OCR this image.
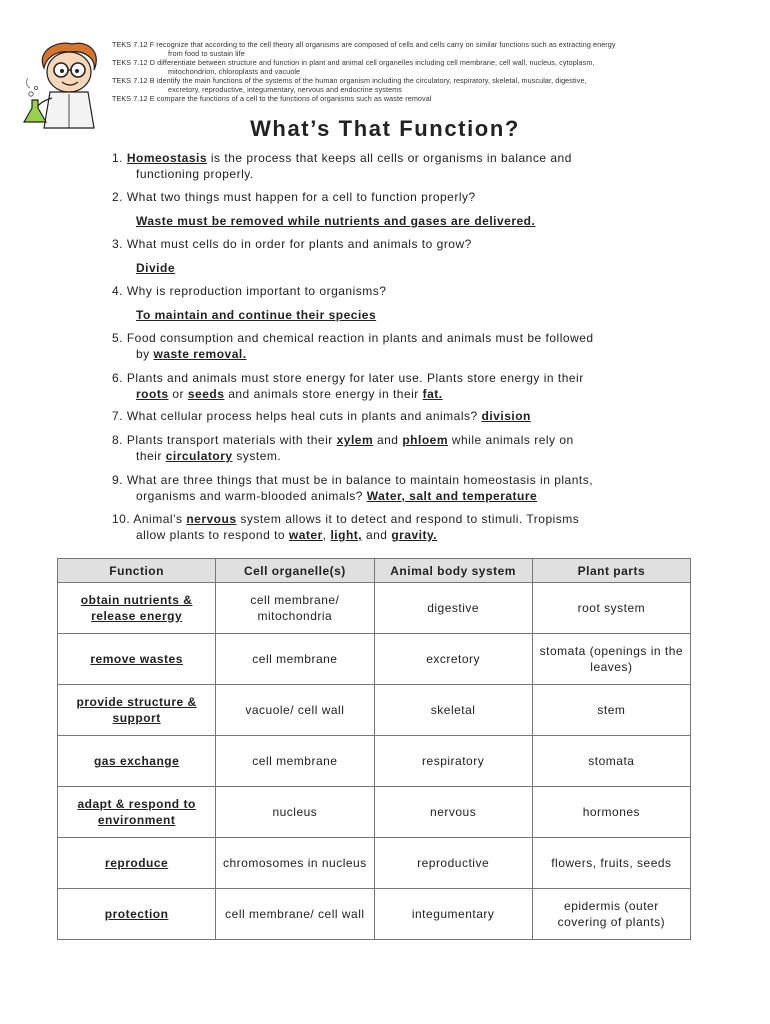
TEKS 7.12 F recognize that according to the cell theory all organisms are composed of cells and cells carry on similar functions such as extracting energy

from food to sustain life

TEKS 7.12 D differentiate between structure and function in plant and animal cell organelles including cell membrane, cell wall, nucleus, cytoplasm,

mitochondrion, chloroplasts and vacuole

TEKS 7.12 B identify the main functions of the systems of the human organism including the circulatory, respiratory, skeletal, muscular, digestive,

excretory, reproductive, integumentary, nervous and endocrine systems

TEKS 7.12 E compare the functions of a cell to the functions of organisms such as waste removal

What’s That Function?
1. Homeostasis is the process that keeps all cells or organisms in balance and
functioning properly.
2. What two things must happen for a cell to function properly?
Waste must be removed while nutrients and gases are delivered.
3. What must cells do in order for plants and animals to grow?
Divide
4. Why is reproduction important to organisms?
To maintain and continue their species
5. Food consumption and chemical reaction in plants and animals must be followed
by waste removal.
6. Plants and animals must store energy for later use. Plants store energy in their
roots or seeds and animals store energy in their fat.
7. What cellular process helps heal cuts in plants and animals? division
8. Plants transport materials with their xylem and phloem while animals rely on
their circulatory system.
9. What are three things that must be in balance to maintain homeostasis in plants,
organisms and warm-blooded animals? Water, salt and temperature
10. Animal’s nervous system allows it to detect and respond to stimuli. Tropisms
allow plants to respond to water, light, and gravity.
Function	Cell organelle(s)	Animal body system	Plant parts
obtain nutrients & release energy	cell membrane/ mitochondria	digestive	root system
remove wastes	cell membrane	excretory	stomata (openings in the leaves)
provide structure & support	vacuole/ cell wall	skeletal	stem
gas exchange	cell membrane	respiratory	stomata
adapt & respond to environment	nucleus	nervous	hormones
reproduce	chromosomes in nucleus	reproductive	flowers, fruits, seeds
protection	cell membrane/ cell wall	integumentary	epidermis (outer covering of plants)
